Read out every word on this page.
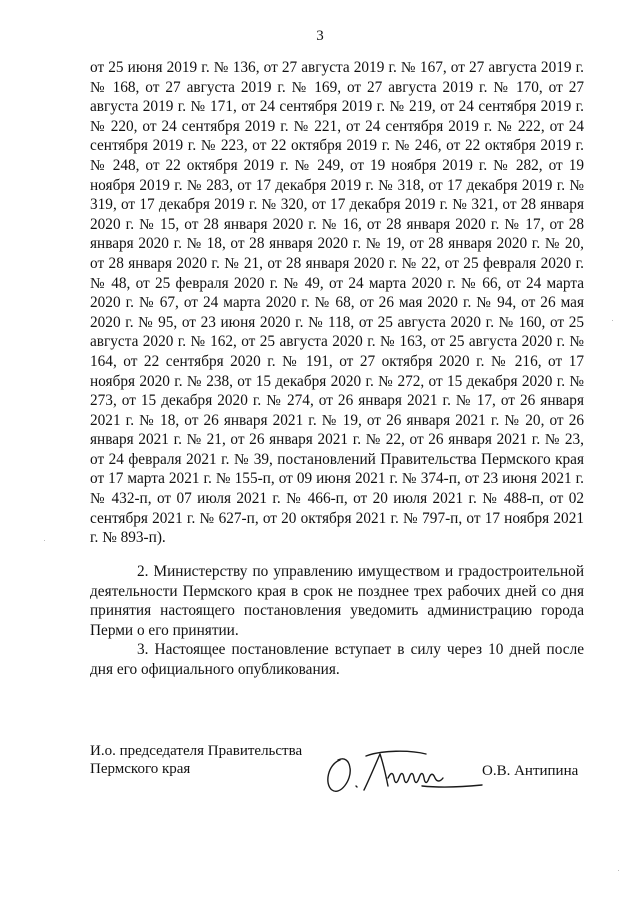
3

от 25 июня 2019 г. № 136, от 27 августа 2019 г. № 167, от 27 августа 2019 г. № 168, от 27 августа 2019 г. № 169, от 27 августа 2019 г. № 170, от 27 августа 2019 г. № 171, от 24 сентября 2019 г. № 219, от 24 сентября 2019 г. № 220, от 24 сентября 2019 г. № 221, от 24 сентября 2019 г. № 222, от 24 сентября 2019 г. № 223, от 22 октября 2019 г. № 246, от 22 октября 2019 г. № 248, от 22 октября 2019 г. № 249, от 19 ноября 2019 г. № 282, от 19 ноября 2019 г. № 283, от 17 декабря 2019 г. № 318, от 17 декабря 2019 г. № 319, от 17 декабря 2019 г. № 320, от 17 декабря 2019 г. № 321, от 28 января 2020 г. № 15, от 28 января 2020 г. № 16, от 28 января 2020 г. № 17, от 28 января 2020 г. № 18, от 28 января 2020 г. № 19, от 28 января 2020 г. № 20, от 28 января 2020 г. № 21, от 28 января 2020 г. № 22, от 25 февраля 2020 г. № 48, от 25 февраля 2020 г. № 49, от 24 марта 2020 г. № 66, от 24 марта 2020 г. № 67, от 24 марта 2020 г. № 68, от 26 мая 2020 г. № 94, от 26 мая 2020 г. № 95, от 23 июня 2020 г. № 118, от 25 августа 2020 г. № 160, от 25 августа 2020 г. № 162, от 25 августа 2020 г. № 163, от 25 августа 2020 г. № 164, от 22 сентября 2020 г. № 191, от 27 октября 2020 г. № 216, от 17 ноября 2020 г. № 238, от 15 декабря 2020 г. № 272, от 15 декабря 2020 г. № 273, от 15 декабря 2020 г. № 274, от 26 января 2021 г. № 17, от 26 января 2021 г. № 18, от 26 января 2021 г. № 19, от 26 января 2021 г. № 20, от 26 января 2021 г. № 21, от 26 января 2021 г. № 22, от 26 января 2021 г. № 23, от 24 февраля 2021 г. № 39, постановлений Правительства Пермского края от 17 марта 2021 г. № 155-п, от 09 июня 2021 г. № 374-п, от 23 июня 2021 г. № 432-п, от 07 июля 2021 г. № 466-п, от 20 июля 2021 г. № 488-п, от 02 сентября 2021 г. № 627-п, от 20 октября 2021 г. № 797-п, от 17 ноября 2021 г. № 893-п).

2. Министерству по управлению имуществом и градостроительной деятельности Пермского края в срок не позднее трех рабочих дней со дня принятия настоящего постановления уведомить администрацию города Перми о его принятии.

3. Настоящее постановление вступает в силу через 10 дней после дня его официального опубликования.

И.о. председателя Правительства
Пермского края	О.В. Антипина
